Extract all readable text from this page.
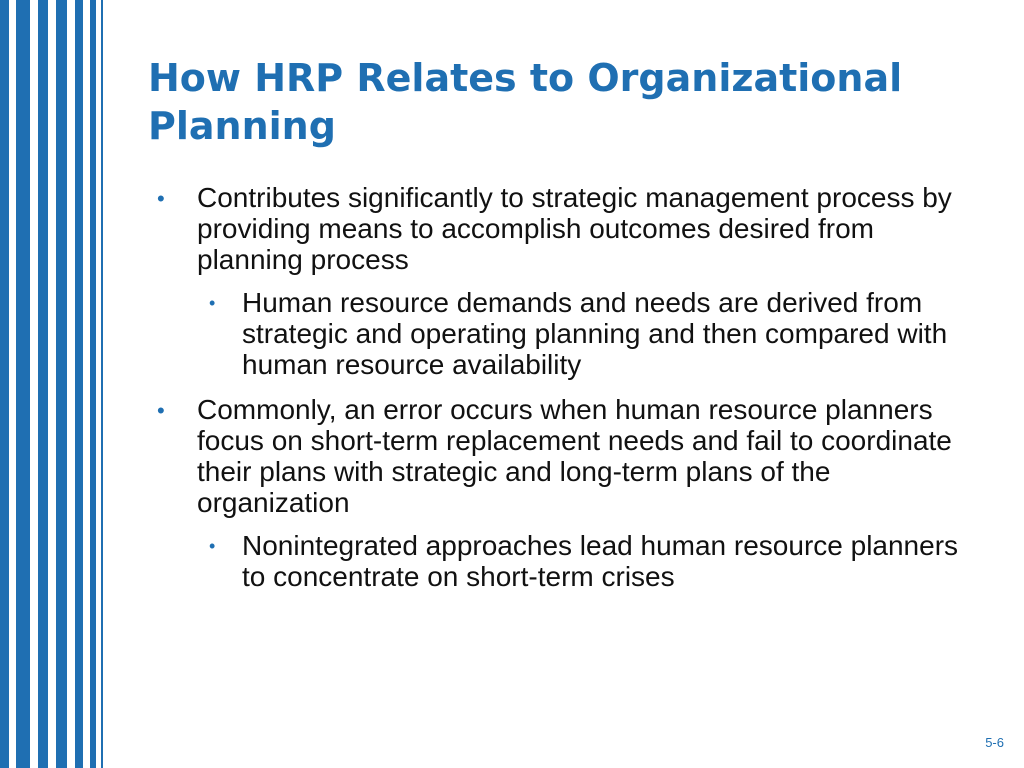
How HRP Relates to Organizational
Planning
• Contributes significantly to strategic management process by providing means to accomplish outcomes desired from planning process
• Human resource demands and needs are derived from strategic and operating planning and then compared with human resource availability
• Commonly, an error occurs when human resource planners focus on short-term replacement needs and fail to coordinate their plans with strategic and long-term plans of the organization
• Nonintegrated approaches lead human resource planners to concentrate on short-term crises
5-6
